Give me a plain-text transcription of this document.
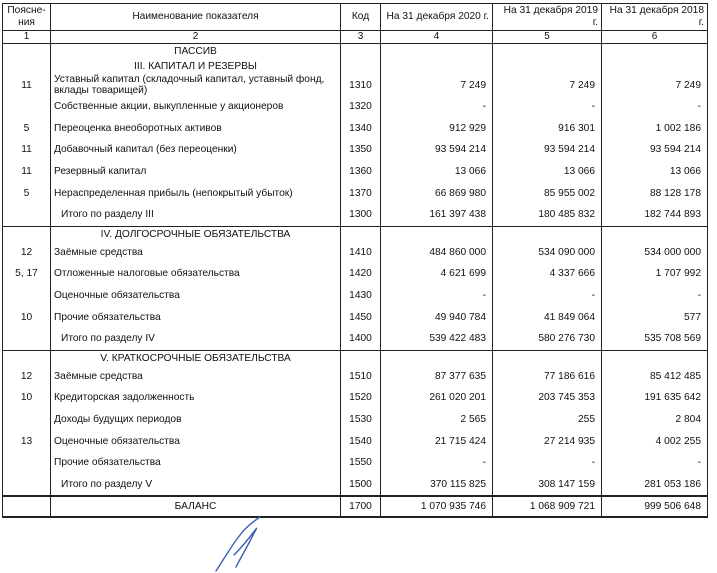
Поясне-ния	Наименование показателя	Код	На 31 декабря 2020 г.	На 31 декабря 2019 г.	На 31 декабря 2018 г.
1	2	3	4	5	6
	ПАССИВ				
	III. КАПИТАЛ И РЕЗЕРВЫ				
11	Уставный капитал (складочный капитал, уставный фонд, вклады товарищей)	1310	7 249	7 249	7 249
	Собственные акции, выкупленные у акционеров	1320	-	-	-
5	Переоценка внеоборотных активов	1340	912 929	916 301	1 002 186
11	Добавочный капитал (без переоценки)	1350	93 594 214	93 594 214	93 594 214
11	Резервный капитал	1360	13 066	13 066	13 066
5	Нераспределенная прибыль (непокрытый убыток)	1370	66 869 980	85 955 002	88 128 178
	Итого по разделу III	1300	161 397 438	180 485 832	182 744 893
	IV. ДОЛГОСРОЧНЫЕ ОБЯЗАТЕЛЬСТВА				
12	Заёмные средства	1410	484 860 000	534 090 000	534 000 000
5, 17	Отложенные налоговые обязательства	1420	4 621 699	4 337 666	1 707 992
	Оценочные обязательства	1430	-	-	-
10	Прочие обязательства	1450	49 940 784	41 849 064	577
	Итого по разделу IV	1400	539 422 483	580 276 730	535 708 569
	V. КРАТКОСРОЧНЫЕ ОБЯЗАТЕЛЬСТВА				
12	Заёмные средства	1510	87 377 635	77 186 616	85 412 485
10	Кредиторская задолженность	1520	261 020 201	203 745 353	191 635 642
	Доходы будущих периодов	1530	2 565	255	2 804
13	Оценочные обязательства	1540	21 715 424	27 214 935	4 002 255
	Прочие обязательства	1550	-	-	-
	Итого по разделу V	1500	370 115 825	308 147 159	281 053 186
	БАЛАНС	1700	1 070 935 746	1 068 909 721	999 506 648
